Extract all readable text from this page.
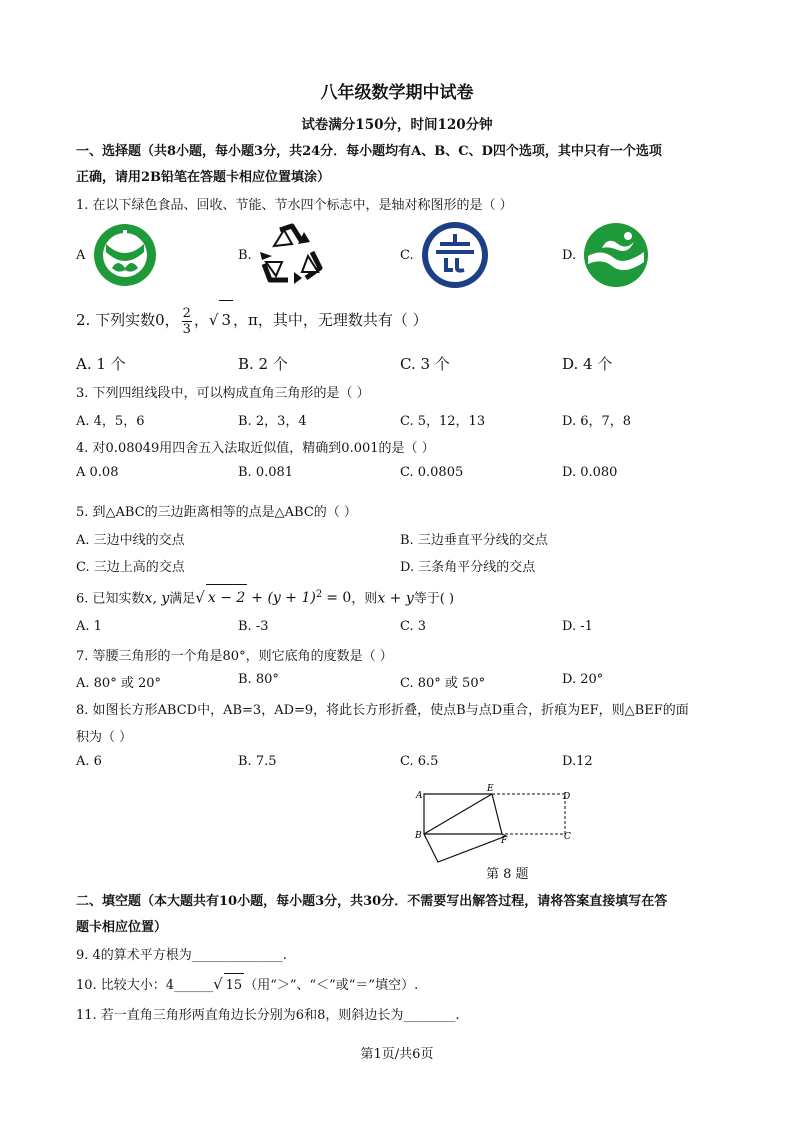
八年级数学期中试卷
试卷满分150分，时间120分钟
一、选择题（共8小题，每小题3分，共24分．每小题均有A、B、C、D四个选项，其中只有一个选项
正确，请用2B铅笔在答题卡相应位置填涂）
1. 在以下绿色食品、回收、节能、节水四个标志中，是轴对称图形的是（ ）
A	B.	C.	D.
2. 下列实数0， $\frac{2}{3}$ ，√ 3 ，π，其中，无理数共有（ ）
A. 1 个	B. 2 个	C. 3 个	D. 4 个
3. 下列四组线段中，可以构成直角三角形的是（ ）
A. 4，5，6	B. 2，3，4	C. 5，12，13	D. 6，7，8
4. 对0.08049用四舍五入法取近似值，精确到0.001的是（ ）
A 0.08	B. 0.081	C. 0.0805	D. 0.080
5. 到△ABC的三边距离相等的点是△ABC的（ ）
A. 三边中线的交点	B. 三边垂直平分线的交点
C. 三边上高的交点	D. 三条角平分线的交点
6. 已知实数x, y满足√ $x - 2 + (y + 1)^2 = 0$，则x + y等于( )
A. 1	B. -3	C. 3	D. -1
7. 等腰三角形的一个角是80°，则它底角的度数是（ ）
A. 80° 或 20°	B. 80°	C. 80° 或 50°	D. 20°
8. 如图长方形ABCD中，AB=3，AD=9，将此长方形折叠，使点B与点D重合，折痕为EF，则△BEF的面
积为（ ）
A. 6	B. 7.5	C. 6.5	D.12
A
E
D
B	F	C
第 8 题
二、填空题（本大题共有10小题，每小题3分，共30分．不需要写出解答过程，请将答案直接填写在答
题卡相应位置）
9. 4的算术平方根为______________.
10. 比较大小：4______√ 15 （用“＞”、“＜”或“＝”填空）.
11. 若一直角三角形两直角边长分别为6和8，则斜边长为________.
第1页/共6页
